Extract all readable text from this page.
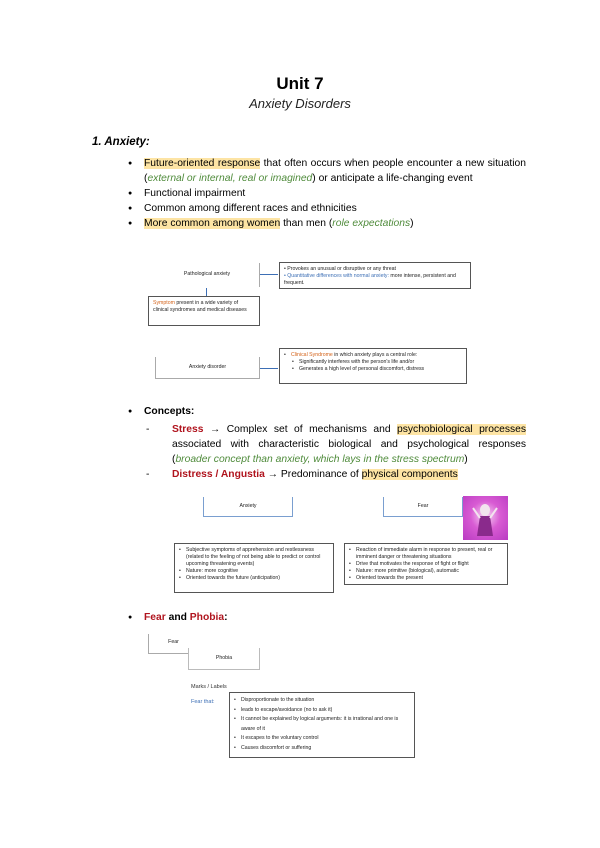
Unit 7
Anxiety Disorders
1. Anxiety:
● Future-oriented response that often occurs when people encounter a new situation (external or internal, real or imagined) or anticipate a life-changing event
● Functional impairment
● Common among different races and ethnicities
● More common among women than men (role expectations)
Pathological anxiety
• Provokes an unusual or disruptive or any threat
• Quantitative differences with normal anxiety: more intense, persistent and frequent.
Symptom present in a wide variety of clinical syndromes and medical diseases
Anxiety disorder
• Clinical Syndrome in which anxiety plays a central role:
• Significantly interferes with the person's life and/or
• Generates a high level of personal discomfort, distress
● Concepts:
- Stress → Complex set of mechanisms and psychobiological processes associated with characteristic biological and psychological responses (broader concept than anxiety, which lays in the stress spectrum)
- Distress / Angustia → Predominance of physical components
Anxiety	Fear
• Subjective symptoms of apprehension and restlessness (related to the feeling of not being able to predict or control upcoming threatening events)
• Nature: more cognitive
• Oriented towards the future (anticipation)
• Reaction of immediate alarm in response to present, real or imminent danger or threatening situations
• Drive that motivates the response of fight or flight
• Nature: more primitive (biological), automatic
• Oriented towards the present
● Fear and Phobia:
Fear
Phobia
Marks / Labels
Fear that:
•	Disproportionate to the situation
• leads to escape/avoidance (no to ask it)
• It cannot be explained by logical arguments: it is irrational and one is aware of it
• It escapes to the voluntary control
• Causes discomfort or suffering
